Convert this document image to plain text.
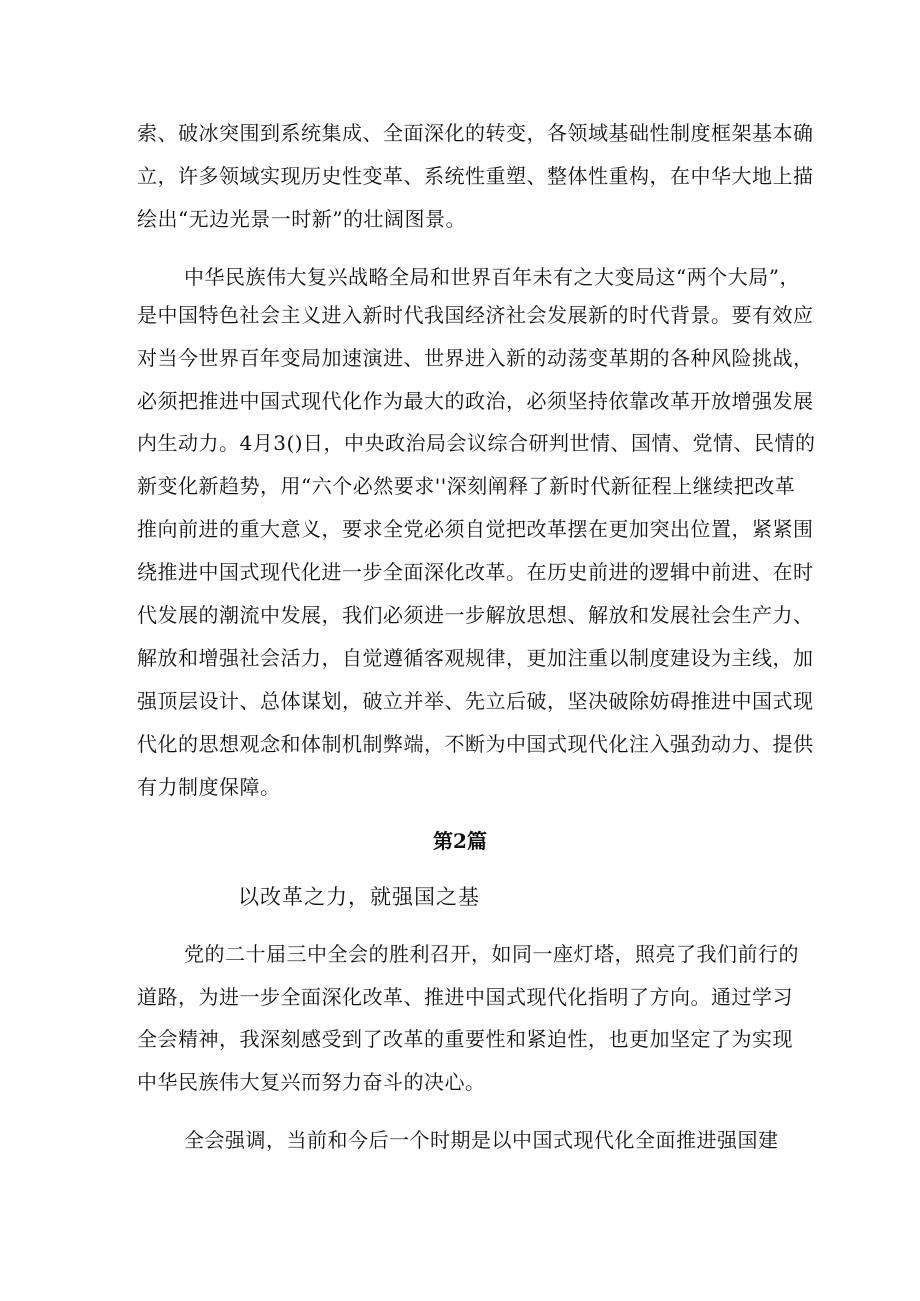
索、破冰突围到系统集成、全面深化的转变，各领域基础性制度框架基本确
立，许多领域实现历史性变革、系统性重塑、整体性重构，在中华大地上描
绘出“无边光景一时新”的壮阔图景。
中华民族伟大复兴战略全局和世界百年未有之大变局这“两个大局”，
是中国特色社会主义进入新时代我国经济社会发展新的时代背景。要有效应
对当今世界百年变局加速演进、世界进入新的动荡变革期的各种风险挑战，
必须把推进中国式现代化作为最大的政治，必须坚持依靠改革开放增强发展
内生动力。4月3()日，中央政治局会议综合研判世情、国情、党情、民情的
新变化新趋势，用“六个必然要求''深刻阐释了新时代新征程上继续把改革
推向前进的重大意义，要求全党必须自觉把改革摆在更加突出位置，紧紧围
绕推进中国式现代化进一步全面深化改革。在历史前进的逻辑中前进、在时
代发展的潮流中发展，我们必须进一步解放思想、解放和发展社会生产力、
解放和增强社会活力，自觉遵循客观规律，更加注重以制度建设为主线，加
强顶层设计、总体谋划，破立并举、先立后破，坚决破除妨碍推进中国式现
代化的思想观念和体制机制弊端，不断为中国式现代化注入强劲动力、提供
有力制度保障。
第2篇
以改革之力，就强国之基
党的二十届三中全会的胜利召开，如同一座灯塔，照亮了我们前行的
道路，为进一步全面深化改革、推进中国式现代化指明了方向。通过学习
全会精神，我深刻感受到了改革的重要性和紧迫性，也更加坚定了为实现
中华民族伟大复兴而努力奋斗的决心。
全会强调，当前和今后一个时期是以中国式现代化全面推进强国建
